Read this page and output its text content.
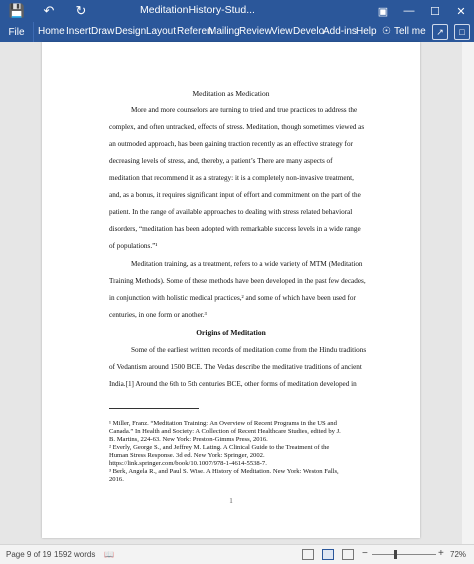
💾	↶	↻	MeditationHistory-Stud...	▣	—	☐	✕
File	Home Insert Draw Design Layout Referen
Mailing Review View Develo
Add-ins Help ☉ Tell me	↗	□
Meditation as Medication
More and more counselors are turning to tried and true practices to address the
complex, and often untracked, effects of stress. Meditation, though sometimes viewed as
an outmoded approach, has been gaining traction recently as an effective strategy for
decreasing levels of stress, and, thereby, a patient’s There are many aspects of
meditation that recommend it as a strategy: it is a completely non-invasive treatment,
and, as a bonus, it requires significant input of effort and commitment on the part of the
patient. In the range of available approaches to dealing with stress related behavioral
disorders, “meditation has been adopted with remarkable success levels in a wide range
of populations.”¹
Meditation training, as a treatment, refers to a wide variety of MTM (Meditation
Training Methods). Some of these methods have been developed in the past few decades,
in conjunction with holistic medical practices,² and some of which have been used for
centuries, in one form or another.³
Origins of Meditation
Some of the earliest written records of meditation come from the Hindu traditions
of Vedantism around 1500 BCE. The Vedas describe the meditative traditions of ancient
India.[1] Around the 6th to 5th centuries BCE, other forms of meditation developed in
¹ Miller, Franz. “Meditation Training: An Overview of Recent Programs in the US and
Canada.” In Health and Society: A Collection of Recent Healthcare Studies, edited by J.
B. Martins, 224-63. New York: Preston-Gimms Press, 2016.
² Everly, George S., and Jeffrey M. Lating. A Clinical Guide to the Treatment of the
Human Stress Response. 3d ed. New York: Springer, 2002.
https://link.springer.com/book/10.1007/978-1-4614-5538-7.
³ Berk, Angela R., and Paul S. Wise. A History of Meditation. New York: Weston Falls,
2016.
1
Page 9 of 19 1592 words 📖	−	+ 72%
